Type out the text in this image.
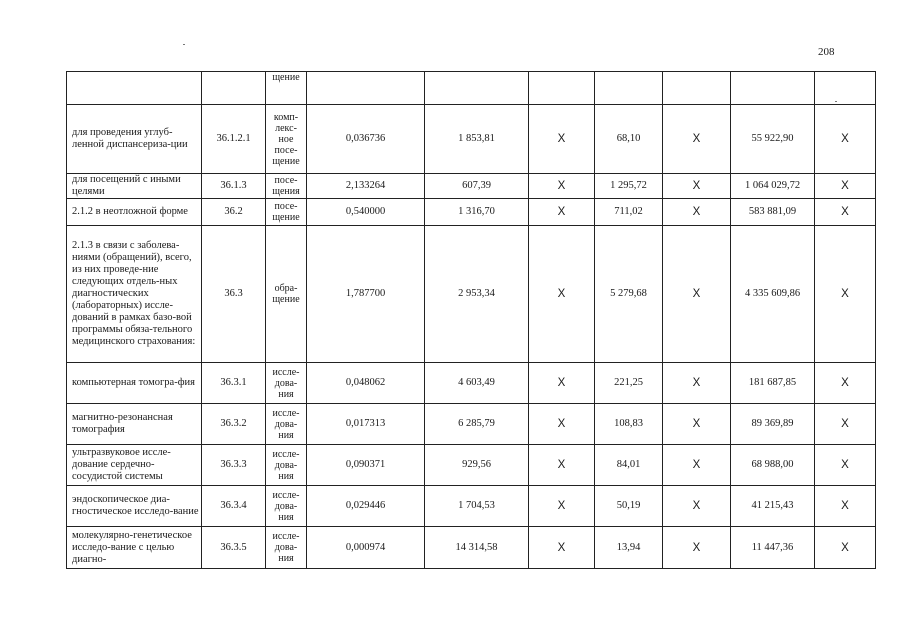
208
		щение							
для проведения углуб-ленной диспансериза-ции	36.1.2.1	комп-лекс-ное посе-щение	0,036736	1 853,81	Х	68,10	Х	55 922,90	Х
для посещений с иными целями	36.1.3	посе-щения	2,133264	607,39	Х	1 295,72	Х	1 064 029,72	Х
2.1.2 в неотложной форме	36.2	посе-щение	0,540000	1 316,70	Х	711,02	Х	583 881,09	Х
2.1.3 в связи с заболева-ниями (обращений), всего, из них проведе-ние следующих отдель-ных диагностических (лабораторных) иссле-дований в рамках базо-вой программы обяза-тельного медицинского страхования:	36.3	обра-щение	1,787700	2 953,34	Х	5 279,68	Х	4 335 609,86	Х
компьютерная томогра-фия	36.3.1	иссле-дова-ния	0,048062	4 603,49	Х	221,25	Х	181 687,85	Х
магнитно-резонансная томография	36.3.2	иссле-дова-ния	0,017313	6 285,79	Х	108,83	Х	89 369,89	Х
ультразвуковое иссле-дование сердечно-сосудистой системы	36.3.3	иссле-дова-ния	0,090371	929,56	Х	84,01	Х	68 988,00	Х
эндоскопическое диа-гностическое исследо-вание	36.3.4	иссле-дова-ния	0,029446	1 704,53	Х	50,19	Х	41 215,43	Х
молекулярно-генетическое исследо-вание с целью диагно-	36.3.5	иссле-дова-ния	0,000974	14 314,58	Х	13,94	Х	11 447,36	Х
